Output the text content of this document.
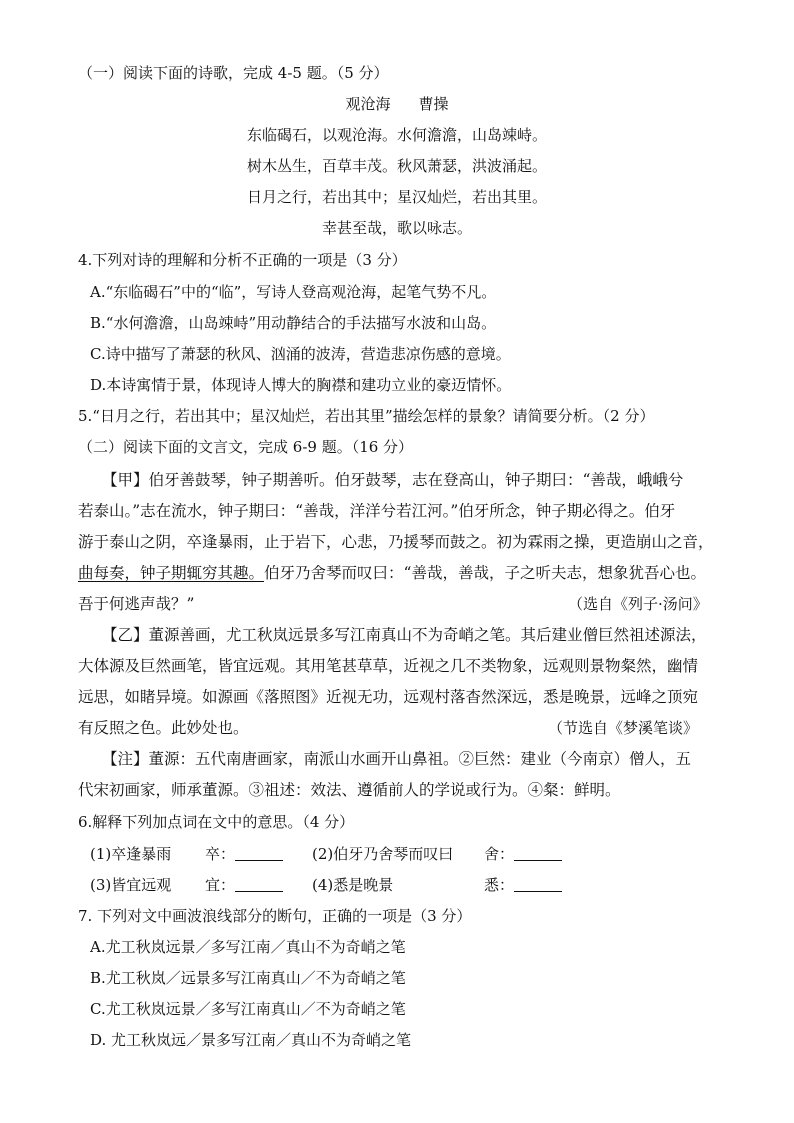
（一）阅读下面的诗歌，完成 4-5 题。（5 分）
观沧海 曹操
东临碣石，以观沧海。水何澹澹，山岛竦峙。
树木丛生，百草丰茂。秋风萧瑟，洪波涌起。
日月之行，若出其中；星汉灿烂，若出其里。
幸甚至哉，歌以咏志。
4.下列对诗的理解和分析不正确的一项是（3 分）
A.“东临碣石”中的“临”，写诗人登高观沧海，起笔气势不凡。
B.“水何澹澹，山岛竦峙”用动静结合的手法描写水波和山岛。
C.诗中描写了萧瑟的秋风、汹涌的波涛，营造悲凉伤感的意境。
D.本诗寓情于景，体现诗人博大的胸襟和建功立业的豪迈情怀。
5.“日月之行，若出其中；星汉灿烂，若出其里”描绘怎样的景象？请简要分析。（2 分）
（二）阅读下面的文言文，完成 6-9 题。（16 分）
【甲】伯牙善鼓琴，钟子期善听。伯牙鼓琴，志在登高山，钟子期曰：“善哉，峨峨兮
若泰山。”志在流水，钟子期曰：“善哉，洋洋兮若江河。”伯牙所念，钟子期必得之。伯牙
游于泰山之阴，卒逢暴雨，止于岩下，心悲，乃援琴而鼓之。初为霖雨之操，更造崩山之音，
曲每奏，钟子期辄穷其趣。伯牙乃舍琴而叹曰：“善哉，善哉，子之听夫志，想象犹吾心也。
吾于何逃声哉？”	（选自《列子·汤问》
【乙】董源善画，尤工秋岚远景多写江南真山不为奇峭之笔。其后建业僧巨然祖述源法，
大体源及巨然画笔，皆宜远观。其用笔甚草草，近视之几不类物象，远观则景物粲然，幽情
远思，如睹异境。如源画《落照图》近视无功，远观村落杳然深远，悉是晚景，远峰之顶宛
有反照之色。此妙处也。	（节选自《梦溪笔谈》
【注】董源：五代南唐画家，南派山水画开山鼻祖。②巨然：建业（今南京）僧人，五
代宋初画家，师承董源。③祖述：效法、遵循前人的学说或行为。④粲：鲜明。
6.解释下列加点词在文中的意思。（4 分）
(1)卒逢暴雨 卒：	(2)伯牙乃舍琴而叹曰 舍：
(3)皆宜远观 宜：	(4)悉是晚景	悉：
7. 下列对文中画波浪线部分的断句，正确的一项是（3 分）
A.尤工秋岚远景／多写江南／真山不为奇峭之笔
B.尤工秋岚／远景多写江南真山／不为奇峭之笔
C.尤工秋岚远景／多写江南真山／不为奇峭之笔
D. 尤工秋岚远／景多写江南／真山不为奇峭之笔
